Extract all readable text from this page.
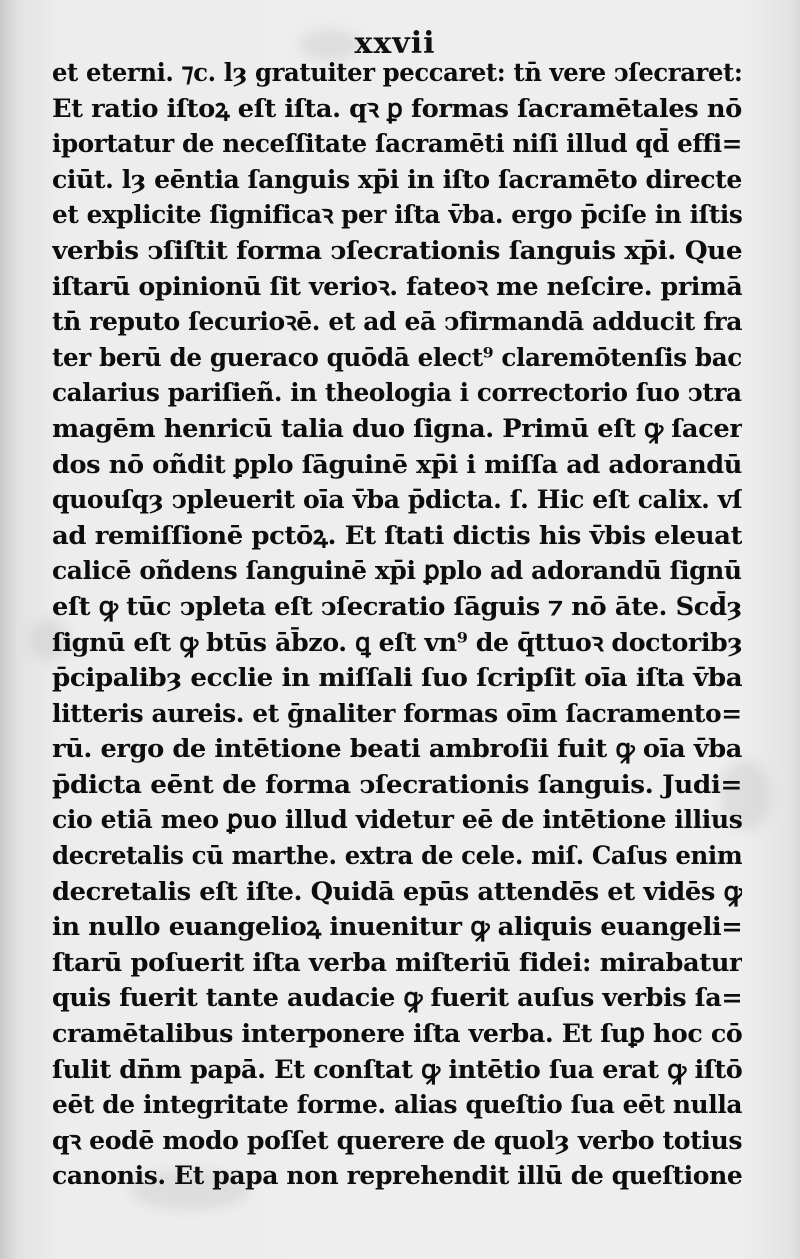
xxvii
et eterni. ⁊c. lȝ gratuiter peccaret: tn̄ vere ↄſecraret:
Et ratio iſtoꝝ eſt iſta. qꝛ ꝑ formas ſacramētales nō
iportatur de neceſſitate ſacramēti niſi illud qd̄ effi=
ciūt. lȝ eēntia ſanguis xp̄i in iſto ſacramēto directe
et explicite ſignificaꝛ per iſta v̄ba. ergo p̄ciſe in iſtis
verbis ↄſiſtit forma ↄſecrationis ſanguis xp̄i. Que
iſtarū opinionū ſit verioꝛ. fateoꝛ me neſcire. primā
tn̄ reputo ſecurioꝛē. et ad eā ↄfirmandā adducit fra
ter berū de gueraco quōdā elect⁹ claremōtenſis bac
calarius pariſieñ. in theologia i correctorio ſuo ↄtra
magēm henricū talia duo ſigna. Primū eſt ꝙ ſacer
dos nō oñdit ꝑplo ſāguinē xp̄i i miſſa ad adorandū
quouſqȝ ↄpleuerit oīa v̄ba p̄dicta. ſ. Hic eſt calix. vſ
ad remiſſionē pctōꝝ. Et ſtati dictis his v̄bis eleuat
calicē oñdens ſanguinē xp̄i ꝑplo ad adorandū ſignū
eſt ꝙ tūc ↄpleta eſt ↄſecratio ſāguis ⁊ nō āte. Scd̄ȝ
ſignū eſt ꝙ btūs āb̄zo. ꝗ eſt vn⁹ de q̄ttuoꝛ doctoribȝ
p̄cipalibȝ ecclie in miſſali ſuo ſcripſit oīa iſta v̄ba
litteris aureis. et ḡnaliter formas oīm ſacramento=
rū. ergo de intētione beati ambroſii fuit ꝙ oīa v̄ba
p̄dicta eēnt de forma ↄſecrationis ſanguis. Judi=
cio etiā meo ꝑuo illud videtur eē de intētione illius
decretalis cū marthe. extra de cele. miſ. Caſus enim
decretalis eſt iſte. Quidā epūs attendēs et vidēs ꝙ
in nullo euangelioꝝ inuenitur ꝙ aliquis euangeli=
ſtarū poſuerit iſta verba miſteriū fidei: mirabatur
quis fuerit tante audacie ꝙ fuerit auſus verbis ſa=
cramētalibus interponere iſta verba. Et ſuꝑ hoc cō
ſulit dn̄m papā. Et conſtat ꝙ intētio ſua erat ꝙ iſtō
eēt de integritate forme. alias queſtio ſua eēt nulla
qꝛ eodē modo poſſet querere de quolȝ verbo totius
canonis. Et papa non reprehendit illū de queſtione
